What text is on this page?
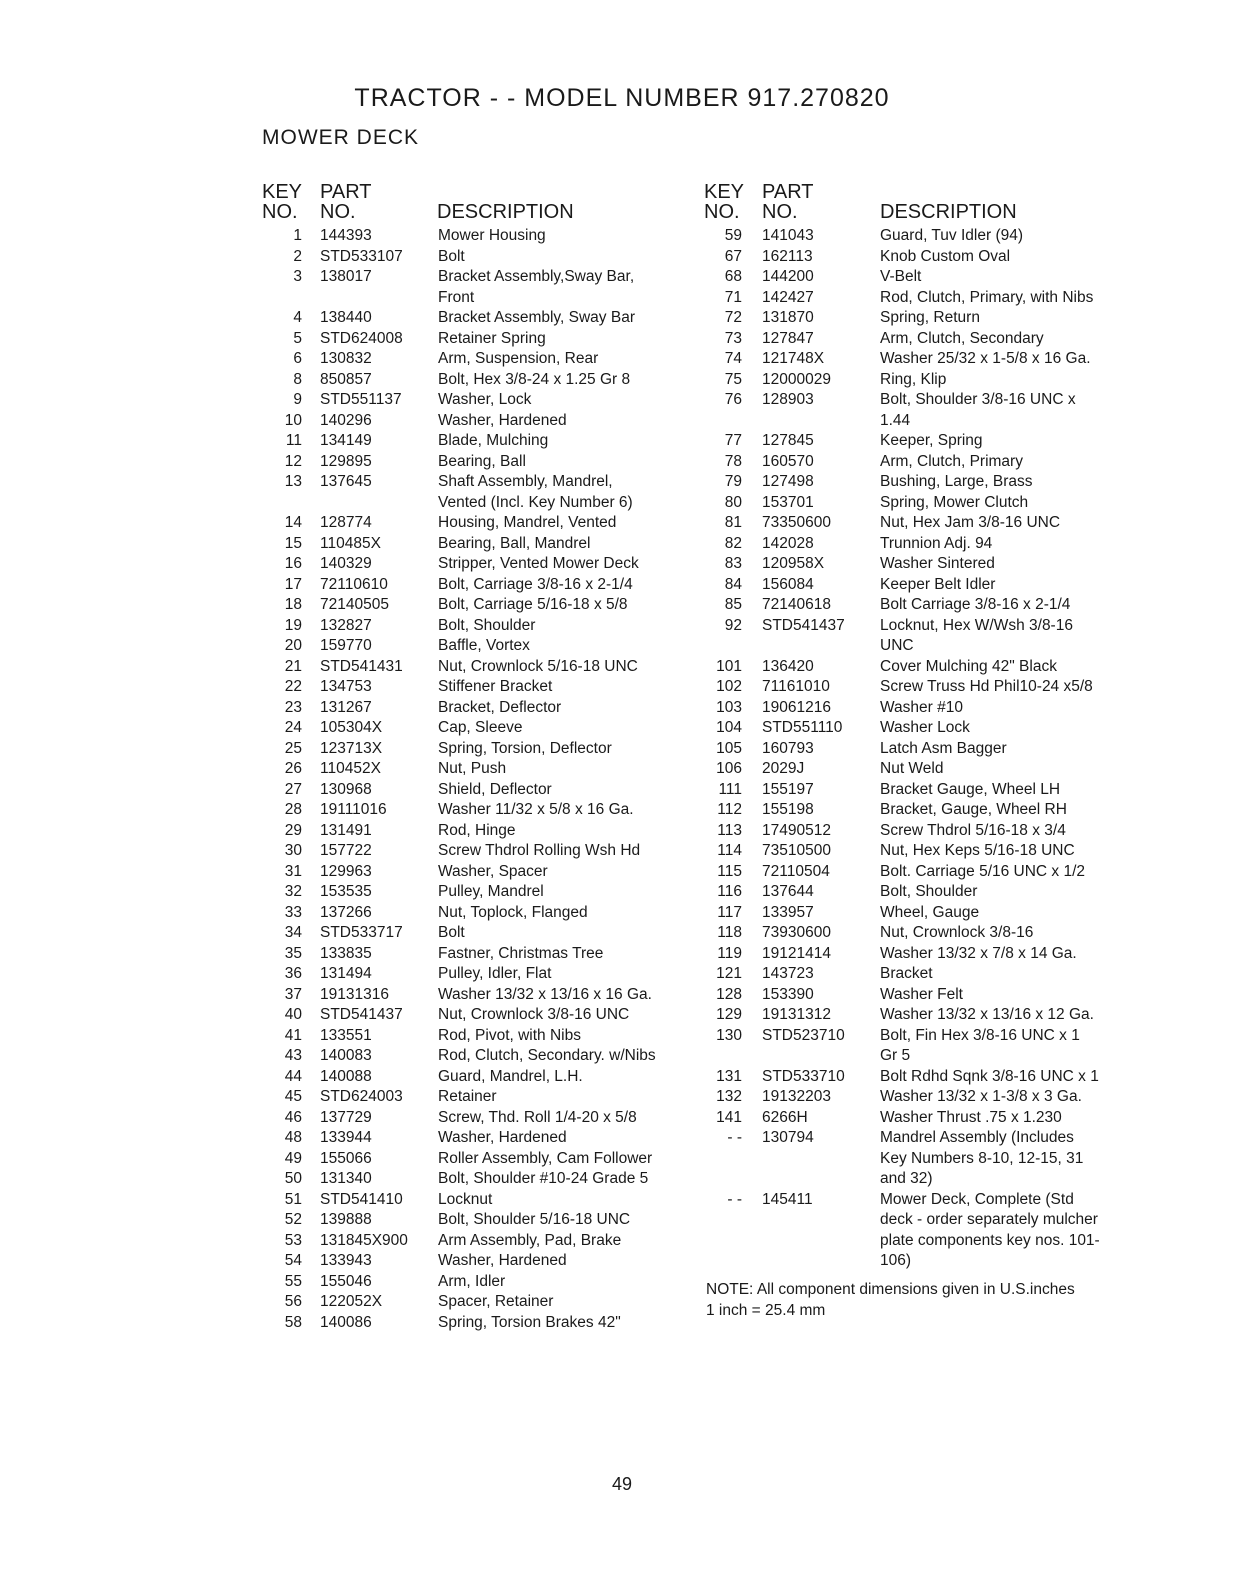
TRACTOR - - MODEL NUMBER 917.270820
MOWER DECK
KEY
NO.
PART
NO.	DESCRIPTION
1	144393	Mower Housing
2	STD533107	Bolt
3	138017	Bracket Assembly,Sway Bar,
Front
4	138440	Bracket Assembly, Sway Bar
5	STD624008	Retainer Spring
6	130832	Arm, Suspension, Rear
8	850857	Bolt, Hex 3/8-24 x 1.25 Gr 8
9	STD551137	Washer, Lock
10	140296	Washer, Hardened
11	134149	Blade, Mulching
12	129895	Bearing, Ball
13	137645	Shaft Assembly, Mandrel,
Vented (Incl. Key Number 6)
14	128774	Housing, Mandrel, Vented
15	110485X	Bearing, Ball, Mandrel
16	140329	Stripper, Vented Mower Deck
17	72110610	Bolt, Carriage 3/8-16 x 2-1/4
18	72140505	Bolt, Carriage 5/16-18 x 5/8
19	132827	Bolt, Shoulder
20	159770	Baffle, Vortex
21	STD541431	Nut, Crownlock 5/16-18 UNC
22	134753	Stiffener Bracket
23	131267	Bracket, Deflector
24	105304X	Cap, Sleeve
25	123713X	Spring, Torsion, Deflector
26	110452X	Nut, Push
27	130968	Shield, Deflector
28	19111016	Washer 11/32 x 5/8 x 16 Ga.
29	131491	Rod, Hinge
30	157722	Screw Thdrol Rolling Wsh Hd
31	129963	Washer, Spacer
32	153535	Pulley, Mandrel
33	137266	Nut, Toplock, Flanged
34	STD533717	Bolt
35	133835	Fastner, Christmas Tree
36	131494	Pulley, Idler, Flat
37	19131316	Washer 13/32 x 13/16 x 16 Ga.
40	STD541437	Nut, Crownlock 3/8-16 UNC
41	133551	Rod, Pivot, with Nibs
43	140083	Rod, Clutch, Secondary. w/Nibs
44	140088	Guard, Mandrel, L.H.
45	STD624003	Retainer
46	137729	Screw, Thd. Roll 1/4-20 x 5/8
48	133944	Washer, Hardened
49	155066	Roller Assembly, Cam Follower
50	131340	Bolt, Shoulder #10-24 Grade 5
51	STD541410	Locknut
52	139888	Bolt, Shoulder 5/16-18 UNC
53	131845X900	Arm Assembly, Pad, Brake
54	133943	Washer, Hardened
55	155046	Arm, Idler
56	122052X	Spacer, Retainer
58	140086	Spring, Torsion Brakes 42"
KEY
NO.
PART
NO.	DESCRIPTION
59	141043	Guard, Tuv Idler (94)
67	162113	Knob Custom Oval
68	144200	V-Belt
71	142427	Rod, Clutch, Primary, with Nibs
72	131870	Spring, Return
73	127847	Arm, Clutch, Secondary
74	121748X	Washer 25/32 x 1-5/8 x 16 Ga.
75	12000029	Ring, Klip
76	128903	Bolt, Shoulder 3/8-16 UNC x
1.44
77	127845	Keeper, Spring
78	160570	Arm, Clutch, Primary
79	127498	Bushing, Large, Brass
80	153701	Spring, Mower Clutch
81	73350600	Nut, Hex Jam 3/8-16 UNC
82	142028	Trunnion Adj. 94
83	120958X	Washer Sintered
84	156084	Keeper Belt Idler
85	72140618	Bolt Carriage 3/8-16 x 2-1/4
92	STD541437	Locknut, Hex W/Wsh 3/8-16
UNC
101	136420	Cover Mulching 42" Black
102	71161010	Screw Truss Hd Phil10-24 x5/8
103	19061216	Washer #10
104	STD551110	Washer Lock
105	160793	Latch Asm Bagger
106	2029J	Nut Weld
111	155197	Bracket Gauge, Wheel LH
112	155198	Bracket, Gauge, Wheel RH
113	17490512	Screw Thdrol 5/16-18 x 3/4
114	73510500	Nut, Hex Keps 5/16-18 UNC
115	72110504	Bolt. Carriage 5/16 UNC x 1/2
116	137644	Bolt, Shoulder
117	133957	Wheel, Gauge
118	73930600	Nut, Crownlock 3/8-16
119	19121414	Washer 13/32 x 7/8 x 14 Ga.
121	143723	Bracket
128	153390	Washer Felt
129	19131312	Washer 13/32 x 13/16 x 12 Ga.
130	STD523710	Bolt, Fin Hex 3/8-16 UNC x 1
Gr 5
131	STD533710	Bolt Rdhd Sqnk 3/8-16 UNC x 1
132	19132203	Washer 13/32 x 1-3/8 x 3 Ga.
141	6266H	Washer Thrust .75 x 1.230
- -	130794	Mandrel Assembly (Includes
Key Numbers 8-10, 12-15, 31
and 32)
- -	145411	Mower Deck, Complete (Std
deck - order separately mulcher
plate components key nos. 101-
106)
NOTE: All component dimensions given in U.S.inches
1 inch = 25.4 mm
49
